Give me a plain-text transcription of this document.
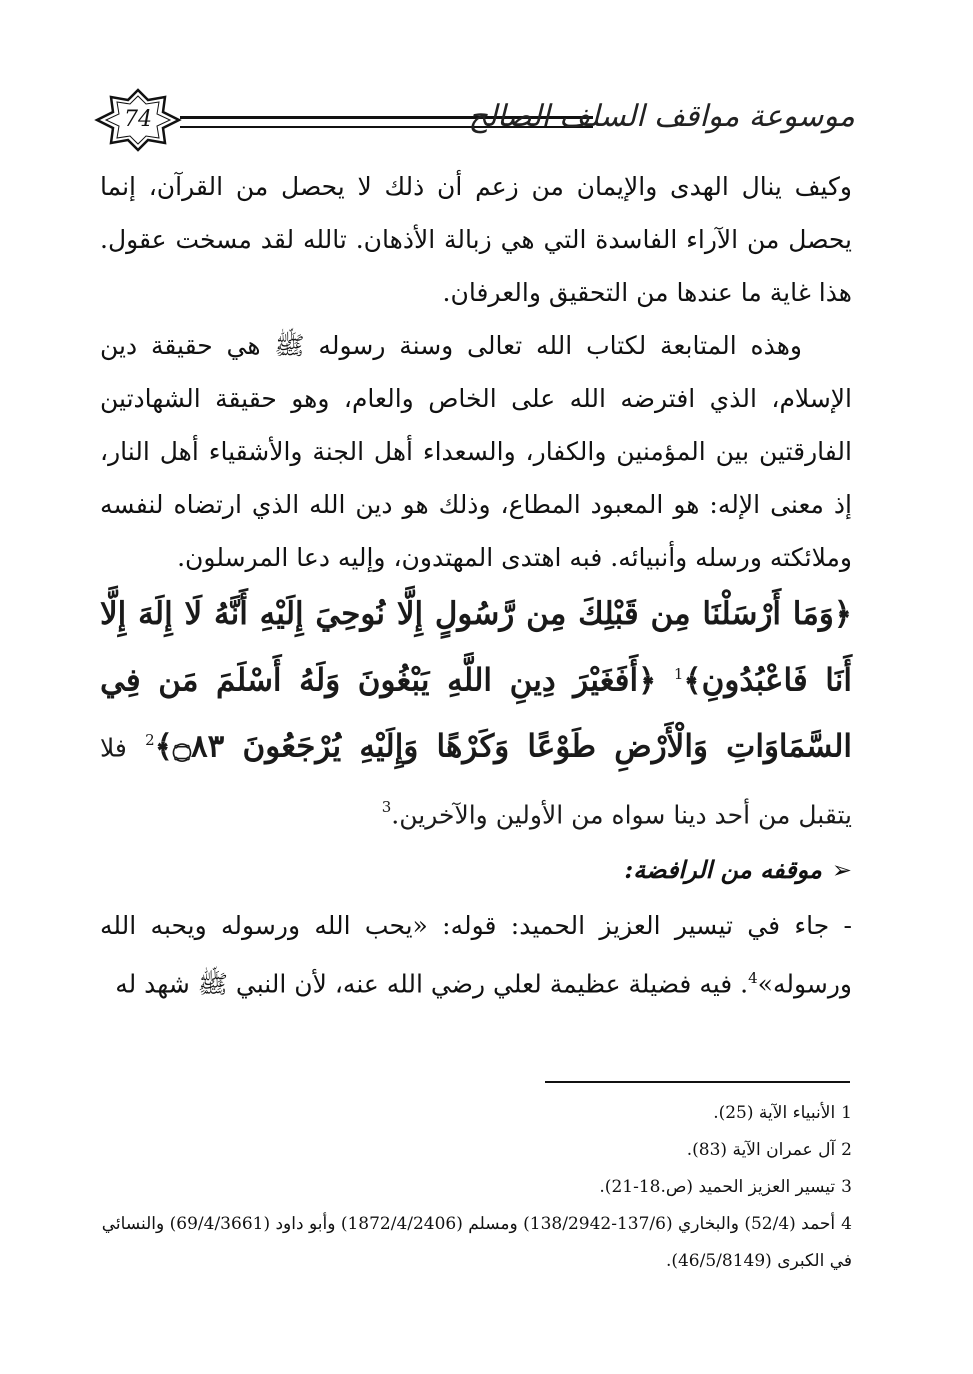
74	موسوعة مواقف السلف الصالح

وكيف ينال الهدى والإيمان من زعم أن ذلك لا يحصل من القرآن، إنما يحصل من الآراء الفاسدة التي هي زبالة الأذهان. تالله لقد مسخت عقول. هذا غاية ما عندها من التحقيق والعرفان.

وهذه المتابعة لكتاب الله تعالى وسنة رسوله ﷺ هي حقيقة دين الإسلام، الذي افترضه الله على الخاص والعام، وهو حقيقة الشهادتين الفارقتين بين المؤمنين والكفار، والسعداء أهل الجنة والأشقياء أهل النار، إذ معنى الإله: هو المعبود المطاع، وذلك هو دين الله الذي ارتضاه لنفسه وملائكته ورسله وأنبيائه. فبه اهتدى المهتدون، وإليه دعا المرسلون.

﴿وَمَا أَرْسَلْنَا مِن قَبْلِكَ مِن رَّسُولٍ إِلَّا نُوحِيَ إِلَيْهِ أَنَّهُ لَا إِلَهَ إِلَّا أَنَا فَاعْبُدُونِ﴾$^1$ ﴿أَفَغَيْرَ دِينِ اللَّهِ يَبْغُونَ وَلَهُ أَسْلَمَ مَن فِي السَّمَاوَاتِ وَالْأَرْضِ طَوْعًا وَكَرْهًا وَإِلَيْهِ يُرْجَعُونَ ۝٨٣﴾$^2$ فلا يتقبل من أحد دينا سواه من الأولين والآخرين.$^3$

➢موقفه من الرافضة:

- جاء في تيسير العزيز الحميد: قوله: «يحب الله ورسوله ويحبه الله ورسوله»$^4$. فيه فضيلة عظيمة لعلي رضي الله عنه، لأن النبي ﷺ شهد له

1الأنبياء الآية (25).

2آل عمران الآية (83).

3تيسير العزيز الحميد (ص.18-21).

4أحمد (52/4) والبخاري (137/6-138/2942) ومسلم (1872/4/2406) وأبو داود (69/4/3661) والنسائي في الكبرى (46/5/8149).
